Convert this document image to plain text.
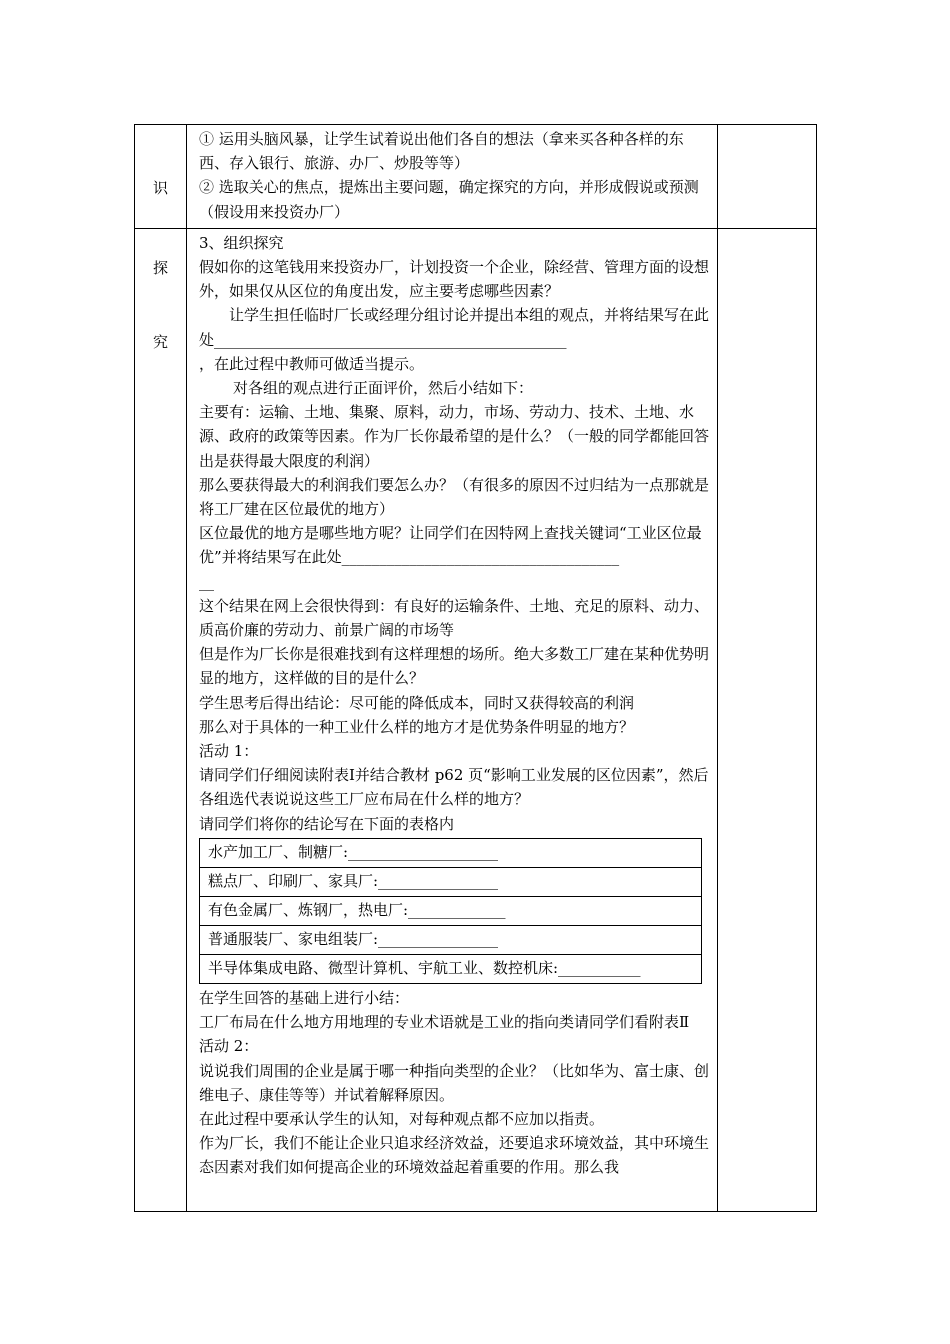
识

① 运用头脑风暴，让学生试着说出他们各自的想法（拿来买各种各样的东西、存入银行、旅游、办厂、炒股等等）

② 选取关心的焦点，提炼出主要问题，确定探究的方向，并形成假说或预测（假设用来投资办厂）

探
究

3、组织探究

假如你的这笔钱用来投资办厂，计划投资一个企业，除经营、管理方面的设想外，如果仅从区位的角度出发，应主要考虑哪些因素？

让学生担任临时厂长或经理分组讨论并提出本组的观点，并将结果写在此处_______________________________________________

，在此过程中教师可做适当提示。

对各组的观点进行正面评价，然后小结如下：

主要有：运输、土地、集聚、原料，动力，市场、劳动力、技术、土地、水源、政府的政策等因素。作为厂长你最希望的是什么？（一般的同学都能回答出是获得最大限度的利润）

那么要获得最大的利润我们要怎么办？（有很多的原因不过归结为一点那就是将工厂建在区位最优的地方）

区位最优的地方是哪些地方呢？让同学们在因特网上查找关键词“工业区位最优”并将结果写在此处_____________________________________

__

这个结果在网上会很快得到：有良好的运输条件、土地、充足的原料、动力、质高价廉的劳动力、前景广阔的市场等

但是作为厂长你是很难找到有这样理想的场所。绝大多数工厂建在某种优势明显的地方，这样做的目的是什么？

学生思考后得出结论：尽可能的降低成本，同时又获得较高的利润

那么对于具体的一种工业什么样的地方才是优势条件明显的地方？

活动 1：

请同学们仔细阅读附表Ⅰ并结合教材 p62 页“影响工业发展的区位因素”，然后各组选代表说说这些工厂应布局在什么样的地方？

请同学们将你的结论写在下面的表格内

水产加工厂、制糖厂:____________________
糕点厂、印刷厂、家具厂:________________
有色金属厂、炼钢厂，热电厂:_____________
普通服装厂、家电组装厂:________________
半导体集成电路、微型计算机、宇航工业、数控机床:___________

在学生回答的基础上进行小结：

工厂布局在什么地方用地理的专业术语就是工业的指向类请同学们看附表Ⅱ

活动 2：

说说我们周围的企业是属于哪一种指向类型的企业？（比如华为、富士康、创维电子、康佳等等）并试着解释原因。

在此过程中要承认学生的认知，对每种观点都不应加以指责。

作为厂长，我们不能让企业只追求经济效益，还要追求环境效益，其中环境生态因素对我们如何提高企业的环境效益起着重要的作用。那么我
